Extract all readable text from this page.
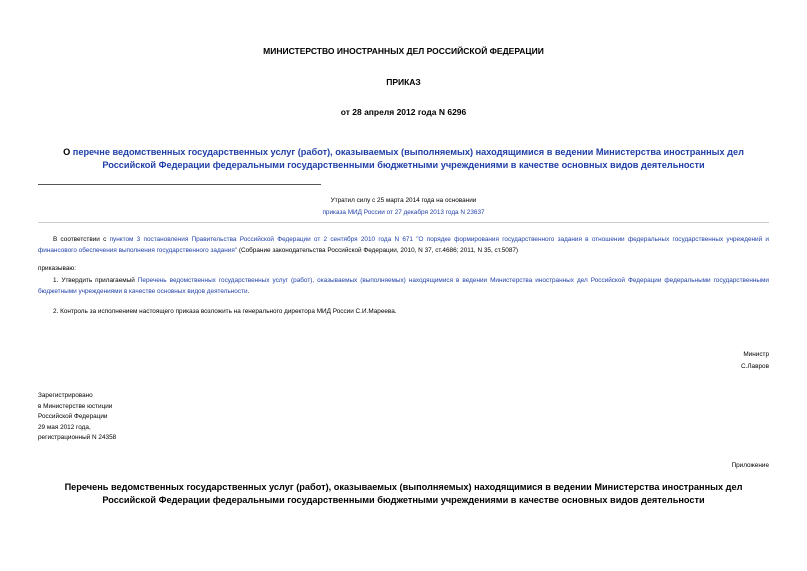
МИНИСТЕРСТВО ИНОСТРАННЫХ ДЕЛ РОССИЙСКОЙ ФЕДЕРАЦИИ
ПРИКАЗ
от 28 апреля 2012 года N 6296
О перечне ведомственных государственных услуг (работ), оказываемых (выполняемых) находящимися в ведении Министерства иностранных дел Российской Федерации федеральными государственными бюджетными учреждениями в качестве основных видов деятельности
Утратил силу с 25 марта 2014 года на основании
приказа МИД России от 27 декабря 2013 года N 23637
В соответствии с пунктом 3 постановления Правительства Российской Федерации от 2 сентября 2010 года N 671 "О порядке формирования государственного задания в отношении федеральных государственных учреждений и финансового обеспечения выполнения государственного задания" (Собрание законодательства Российской Федерации, 2010, N 37, ст.4686; 2011, N 35, ст.5087)
приказываю:
1. Утвердить прилагаемый Перечень ведомственных государственных услуг (работ), оказываемых (выполняемых) находящимися в ведении Министерства иностранных дел Российской Федерации федеральными государственными бюджетными учреждениями в качестве основных видов деятельности.
2. Контроль за исполнением настоящего приказа возложить на генерального директора МИД России С.И.Мареева.
Министр
С.Лавров
Зарегистрировано
в Министерстве юстиции
Российской Федерации
29 мая 2012 года,
регистрационный N 24358
Приложение
Перечень ведомственных государственных услуг (работ), оказываемых (выполняемых) находящимися в ведении Министерства иностранных дел Российской Федерации федеральными государственными бюджетными учреждениями в качестве основных видов деятельности
